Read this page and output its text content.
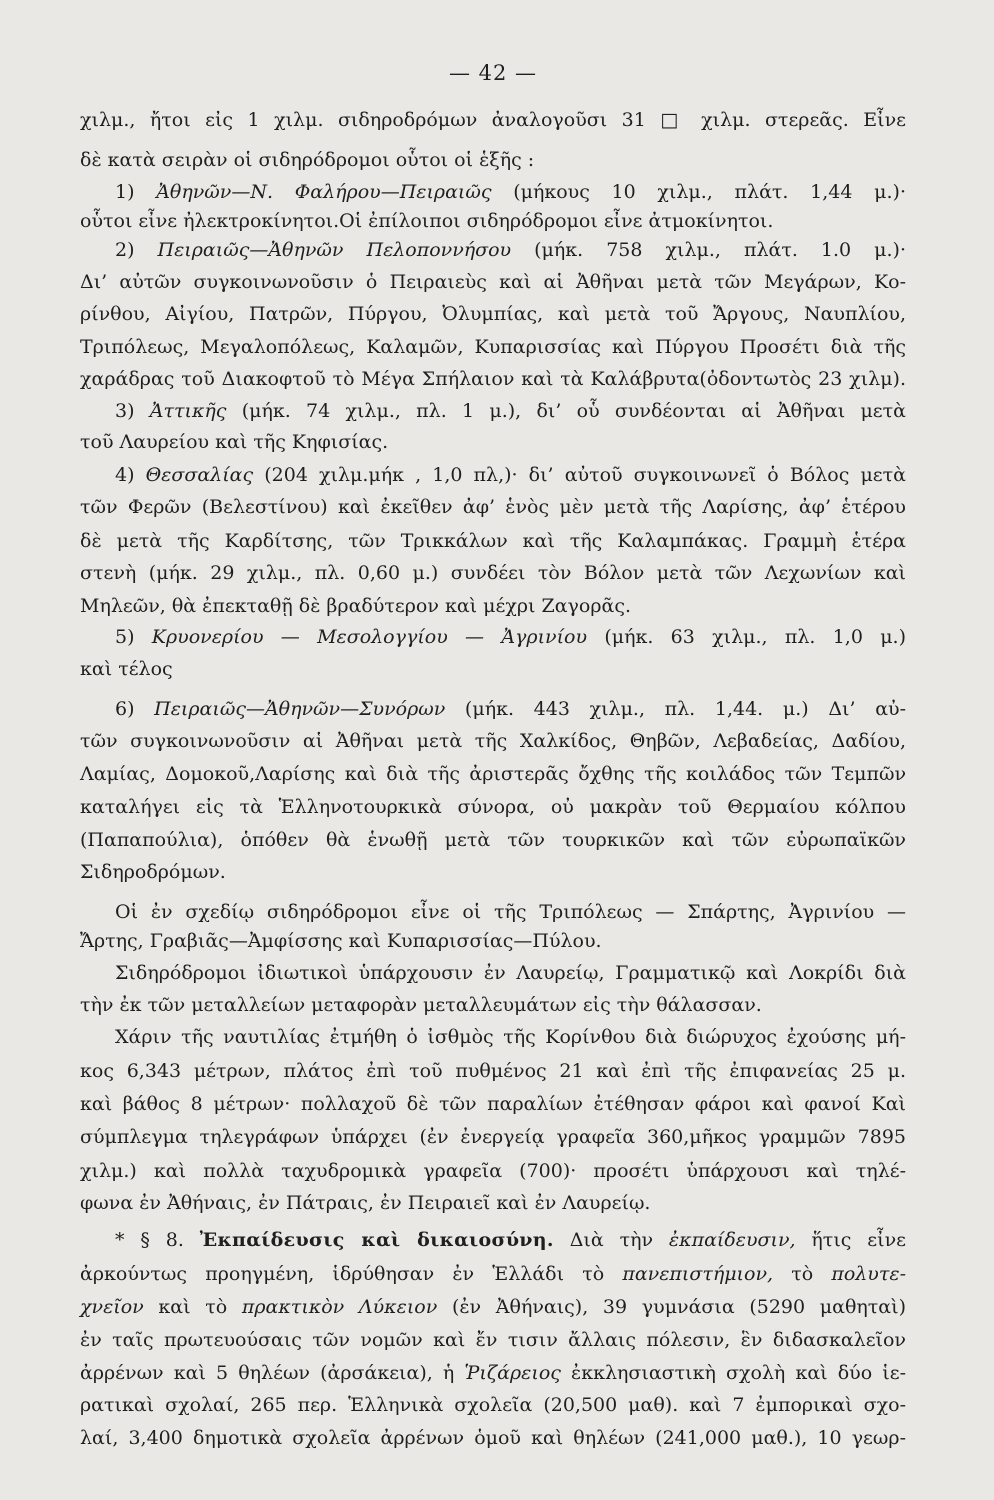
— 42 —
χιλμ., ἤτοι εἰς 1 χιλμ. σιδηροδρόμων ἀναλογοῦσι 31 □ χιλμ. στερεᾶς. Εἶνε
δὲ κατὰ σειρὰν οἱ σιδηρόδρομοι οὗτοι οἱ ἑξῆς :
1) Ἀθηνῶν—Ν. Φαλήρου—Πειραιῶς (μήκους 10 χιλμ., πλάτ. 1,44 μ.)·
οὗτοι εἶνε ἠλεκτροκίνητοι.Οἱ ἐπίλοιποι σιδηρόδρομοι εἶνε ἀτμοκίνητοι.
2) Πειραιῶς—Ἀθηνῶν Πελοποννήσου (μήκ. 758 χιλμ., πλάτ. 1.0 μ.)·
Δι’ αὐτῶν συγκοινωνοῦσιν ὁ Πειραιεὺς καὶ αἱ Ἀθῆναι μετὰ τῶν Μεγάρων, Κο-
ρίνθου, Αἰγίου, Πατρῶν, Πύργου, Ὀλυμπίας, καὶ μετὰ τοῦ Ἄργους, Ναυπλίου,
Τριπόλεως, Μεγαλοπόλεως, Καλαμῶν, Κυπαρισσίας καὶ Πύργου Προσέτι διὰ τῆς
χαράδρας τοῦ Διακοφτοῦ τὸ Μέγα Σπήλαιον καὶ τὰ Καλάβρυτα(ὀδοντωτὸς 23 χιλμ).
3) Ἀττικῆς (μήκ. 74 χιλμ., πλ. 1 μ.), δι’ οὗ συνδέονται αἱ Ἀθῆναι μετὰ
τοῦ Λαυρείου καὶ τῆς Κηφισίας.
4) Θεσσαλίας (204 χιλμ.μήκ , 1,0 πλ,)· δι’ αὐτοῦ συγκοινωνεῖ ὁ Βόλος μετὰ
τῶν Φερῶν (Βελεστίνου) καὶ ἐκεῖθεν ἀφ’ ἑνὸς μὲν μετὰ τῆς Λαρίσης, ἀφ’ ἑτέρου
δὲ μετὰ τῆς Καρδίτσης, τῶν Τρικκάλων καὶ τῆς Καλαμπάκας. Γραμμὴ ἑτέρα
στενὴ (μήκ. 29 χιλμ., πλ. 0,60 μ.) συνδέει τὸν Βόλον μετὰ τῶν Λεχωνίων καὶ
Μηλεῶν, θὰ ἐπεκταθῇ δὲ βραδύτερον καὶ μέχρι Ζαγορᾶς.
5) Κρυονερίου — Μεσολογγίου — Ἀγρινίου (μήκ. 63 χιλμ., πλ. 1,0 μ.)
καὶ τέλος
6) Πειραιῶς—Ἀθηνῶν—Συνόρων (μήκ. 443 χιλμ., πλ. 1,44. μ.) Δι’ αὐ-
τῶν συγκοινωνοῦσιν αἱ Ἀθῆναι μετὰ τῆς Χαλκίδος, Θηβῶν, Λεβαδείας, Δαδίου,
Λαμίας, Δομοκοῦ,Λαρίσης καὶ διὰ τῆς ἀριστερᾶς ὄχθης τῆς κοιλάδος τῶν Τεμπῶν
καταλήγει εἰς τὰ Ἑλληνοτουρκικὰ σύνορα, οὐ μακρὰν τοῦ Θερμαίου κόλπου
(Παπαπούλια), ὁπόθεν θὰ ἑνωθῇ μετὰ τῶν τουρκικῶν καὶ τῶν εὐρωπαϊκῶν
Σιδηροδρόμων.
Οἱ ἐν σχεδίῳ σιδηρόδρομοι εἶνε οἱ τῆς Τριπόλεως — Σπάρτης, Ἀγρινίου —
Ἄρτης, Γραβιᾶς—Ἀμφίσσης καὶ Κυπαρισσίας—Πύλου.
Σιδηρόδρομοι ἰδιωτικοὶ ὑπάρχουσιν ἐν Λαυρείῳ, Γραμματικῷ καὶ Λοκρίδι διὰ
τὴν ἐκ τῶν μεταλλείων μεταφορὰν μεταλλευμάτων εἰς τὴν θάλασσαν.
Χάριν τῆς ναυτιλίας ἐτμήθη ὁ ἰσθμὸς τῆς Κορίνθου διὰ διώρυχος ἐχούσης μή-
κος 6,343 μέτρων, πλάτος ἐπὶ τοῦ πυθμένος 21 καὶ ἐπὶ τῆς ἐπιφανείας 25 μ.
καὶ βάθος 8 μέτρων· πολλαχοῦ δὲ τῶν παραλίων ἐτέθησαν φάροι καὶ φανοί Καὶ
σύμπλεγμα τηλεγράφων ὑπάρχει (ἐν ἐνεργείᾳ γραφεῖα 360,μῆκος γραμμῶν 7895
χιλμ.) καὶ πολλὰ ταχυδρομικὰ γραφεῖα (700)· προσέτι ὑπάρχουσι καὶ τηλέ-
φωνα ἐν Ἀθήναις, ἐν Πάτραις, ἐν Πειραιεῖ καὶ ἐν Λαυρείῳ.
* § 8. Ἐκπαίδευσις καὶ δικαιοσύνη. Διὰ τὴν ἐκπαίδευσιν, ἥτις εἶνε
ἀρκούντως προηγμένη, ἱδρύθησαν ἐν Ἑλλάδι τὸ πανεπιστήμιον, τὸ πολυτε-
χνεῖον καὶ τὸ πρακτικὸν Λύκειον (ἐν Ἀθήναις), 39 γυμνάσια (5290 μαθηταὶ)
ἐν ταῖς πρωτευούσαις τῶν νομῶν καὶ ἔν τισιν ἄλλαις πόλεσιν, ἓν διδασκαλεῖον
ἀρρένων καὶ 5 θηλέων (ἀρσάκεια), ἡ Ῥιζάρειος ἐκκλησιαστικὴ σχολὴ καὶ δύο ἱε-
ρατικαὶ σχολαί, 265 περ. Ἑλληνικὰ σχολεῖα (20,500 μαθ). καὶ 7 ἐμπορικαὶ σχο-
λαί, 3,400 δημοτικὰ σχολεῖα ἀρρένων ὁμοῦ καὶ θηλέων (241,000 μαθ.), 10 γεωρ-
